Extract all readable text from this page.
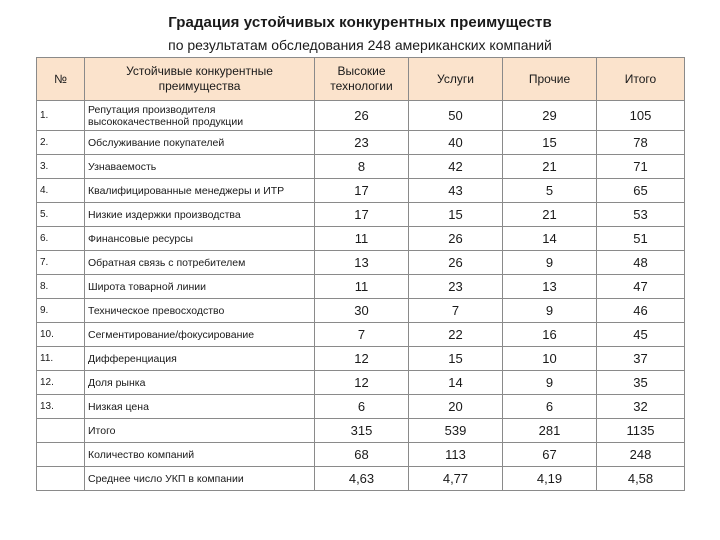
Градация устойчивых конкурентных преимуществ
по результатам обследования 248 американских компаний
№	Устойчивые конкурентные преимущества	Высокие технологии	Услуги	Прочие	Итого
1.	Репутация производителя высококачественной продукции	26	50	29	105
2.	Обслуживание покупателей	23	40	15	78
3.	Узнаваемость	8	42	21	71
4.	Квалифицированные менеджеры и ИТР	17	43	5	65
5.	Низкие издержки производства	17	15	21	53
6.	Финансовые ресурсы	11	26	14	51
7.	Обратная связь с потребителем	13	26	9	48
8.	Широта товарной линии	11	23	13	47
9.	Техническое превосходство	30	7	9	46
10.	Сегментирование/фокусирование	7	22	16	45
11.	Дифференциация	12	15	10	37
12.	Доля рынка	12	14	9	35
13.	Низкая цена	6	20	6	32
	Итого	315	539	281	1135
	Количество компаний	68	113	67	248
	Среднее число УКП в компании	4,63	4,77	4,19	4,58
